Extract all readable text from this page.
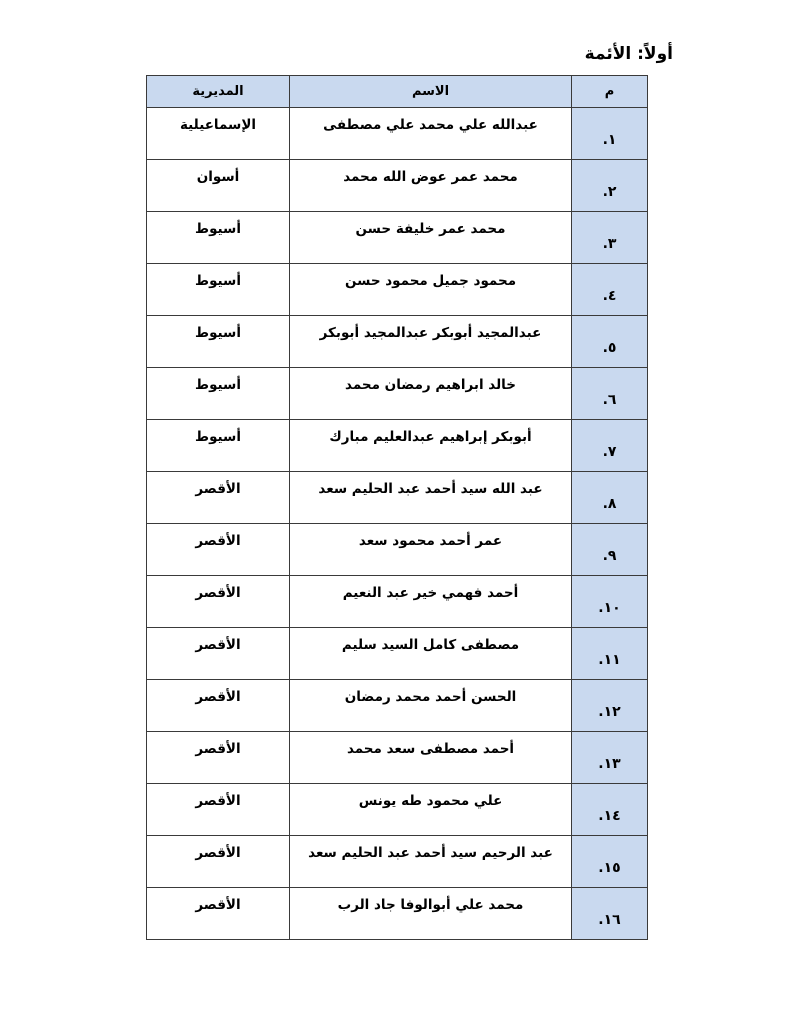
أولاً: الأئمة
م	الاسم	المديرية
١.	عبدالله علي محمد علي مصطفى	الإسماعيلية
٢.	محمد عمر عوض الله محمد	أسوان
٣.	محمد عمر خليفة حسن	أسيوط
٤.	محمود جميل محمود حسن	أسيوط
٥.	عبدالمجيد أبوبكر عبدالمجيد أبوبكر	أسيوط
٦.	خالد ابراهيم رمضان محمد	أسيوط
٧.	أبوبكر إبراهيم عبدالعليم مبارك	أسيوط
٨.	عبد الله سيد أحمد عبد الحليم سعد	الأقصر
٩.	عمر أحمد محمود سعد	الأقصر
١٠.	أحمد فهمي خير عبد النعيم	الأقصر
١١.	مصطفى كامل السيد سليم	الأقصر
١٢.	الحسن أحمد محمد رمضان	الأقصر
١٣.	أحمد مصطفى سعد محمد	الأقصر
١٤.	علي محمود طه يونس	الأقصر
١٥.	عبد الرحيم سيد أحمد عبد الحليم سعد	الأقصر
١٦.	محمد علي أبوالوفا جاد الرب	الأقصر
